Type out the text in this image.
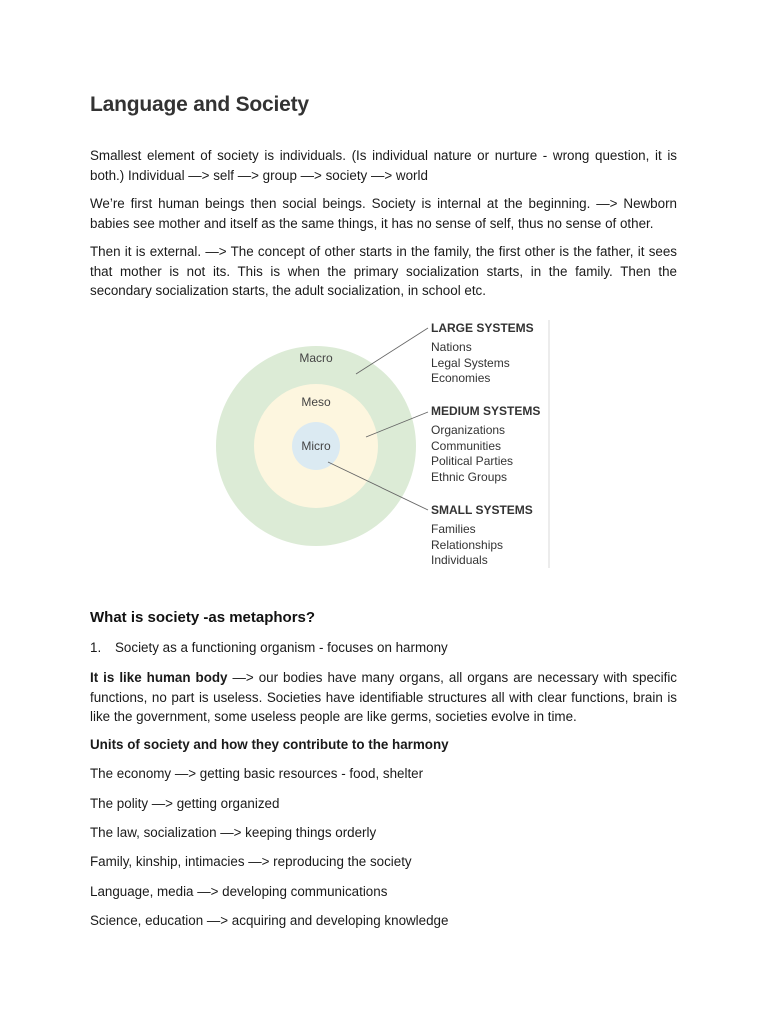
Language and Society

Smallest element of society is individuals. (Is individual nature or nurture - wrong question, it is both.) Individual —> self —> group —> society —> world

We’re first human beings then social beings. Society is internal at the beginning. —> Newborn babies see mother and itself as the same things, it has no sense of self, thus no sense of other.

Then it is external. —> The concept of other starts in the family, the first other is the father, it sees that mother is not its. This is when the primary socialization starts, in the family. Then the secondary socialization starts, the adult socialization, in school etc.

Macro
Meso
Micro
LARGE SYSTEMS
Nations
Legal Systems
Economies
MEDIUM SYSTEMS
Organizations
Communities
Political Parties
Ethnic Groups
SMALL SYSTEMS
Families
Relationships
Individuals
What is society -as metaphors?
1. Society as a functioning organism - focuses on harmony

It is like human body —> our bodies have many organs, all organs are necessary with specific functions, no part is useless. Societies have identifiable structures all with clear functions, brain is like the government, some useless people are like germs, societies evolve in time.

Units of society and how they contribute to the harmony
The economy —> getting basic resources - food, shelter
The polity —> getting organized
The law, socialization —> keeping things orderly
Family, kinship, intimacies —> reproducing the society
Language, media —> developing communications
Science, education —> acquiring and developing knowledge
